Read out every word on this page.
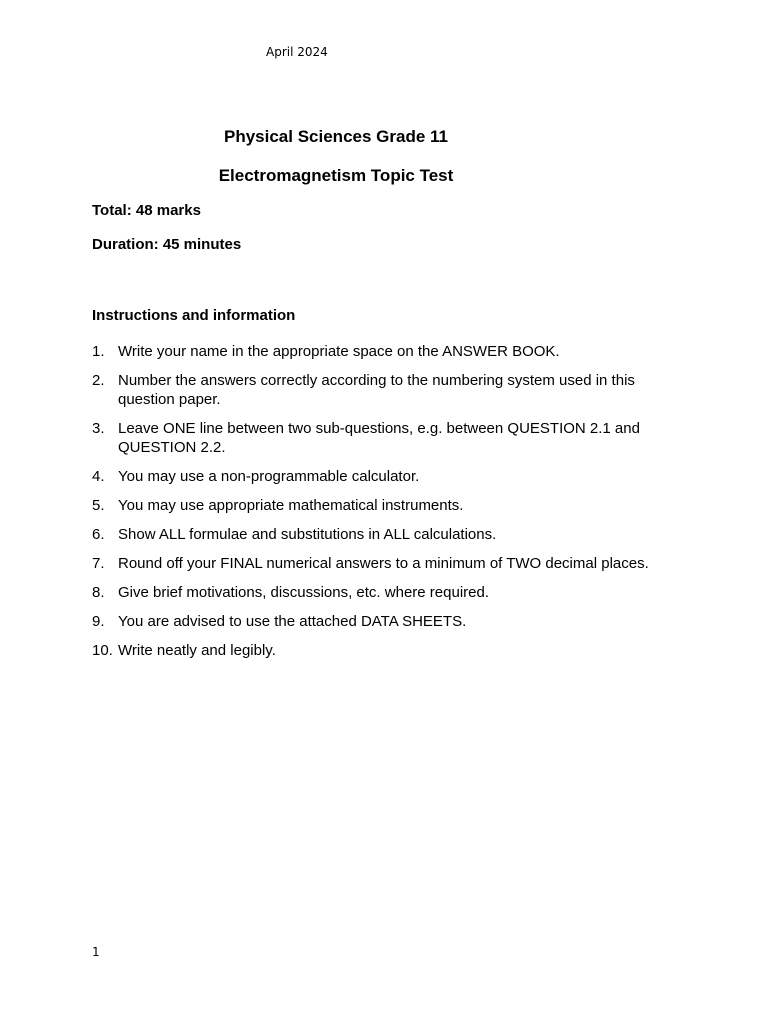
April 2024
Physical Sciences Grade 11
Electromagnetism Topic Test
Total: 48 marks
Duration: 45 minutes
Instructions and information
1. Write your name in the appropriate space on the ANSWER BOOK.
2. Number the answers correctly according to the numbering system used in this question paper.
3. Leave ONE line between two sub-questions, e.g. between QUESTION 2.1 and QUESTION 2.2.
4. You may use a non-programmable calculator.
5. You may use appropriate mathematical instruments.
6. Show ALL formulae and substitutions in ALL calculations.
7. Round off your FINAL numerical answers to a minimum of TWO decimal places.
8. Give brief motivations, discussions, etc. where required.
9. You are advised to use the attached DATA SHEETS.
10. Write neatly and legibly.
1
